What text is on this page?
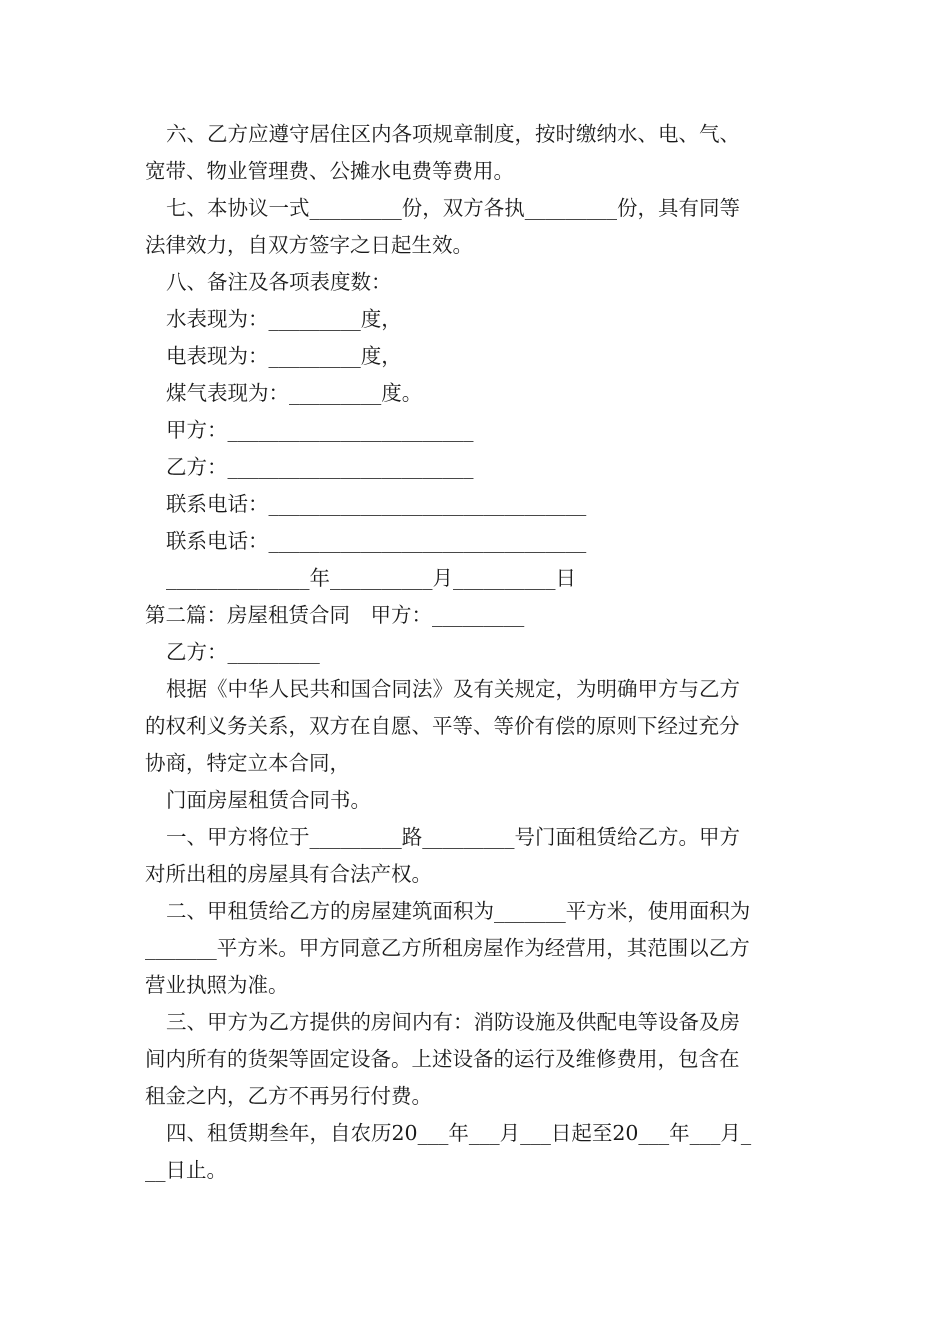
六、乙方应遵守居住区内各项规章制度，按时缴纳水、电、气、
宽带、物业管理费、公摊水电费等费用。
七、本协议一式_________份，双方各执_________份，具有同等
法律效力，自双方签字之日起生效。
八、备注及各项表度数：
水表现为：_________度，
电表现为：_________度，
煤气表现为：_________度。
甲方：________________________
乙方：________________________
联系电话：_______________________________
联系电话：_______________________________
______________年__________月__________日
第二篇：房屋租赁合同　甲方：_________
乙方：_________
根据《中华人民共和国合同法》及有关规定，为明确甲方与乙方
的权利义务关系，双方在自愿、平等、等价有偿的原则下经过充分
协商，特定立本合同，
门面房屋租赁合同书。
一、甲方将位于_________路_________号门面租赁给乙方。甲方
对所出租的房屋具有合法产权。
二、甲租赁给乙方的房屋建筑面积为_______平方米，使用面积为
_______平方米。甲方同意乙方所租房屋作为经营用，其范围以乙方
营业执照为准。
三、甲方为乙方提供的房间内有：消防设施及供配电等设备及房
间内所有的货架等固定设备。上述设备的运行及维修费用，包含在
租金之内，乙方不再另行付费。
四、租赁期叁年，自农历20___年___月___日起至20___年___月_
__日止。
